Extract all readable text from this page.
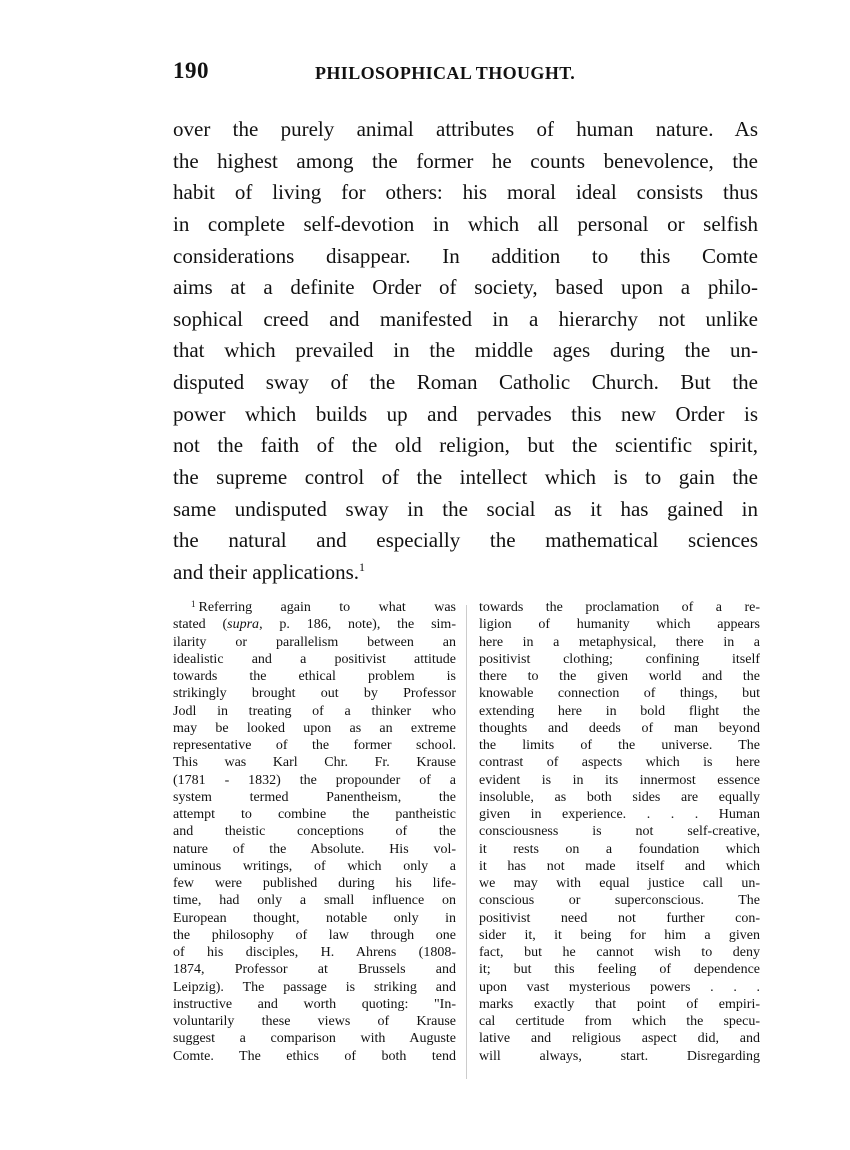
190	PHILOSOPHICAL THOUGHT.
over the purely animal attributes of human nature. As
the highest among the former he counts benevolence, the
habit of living for others: his moral ideal consists thus
in complete self-devotion in which all personal or selfish
considerations disappear. In addition to this Comte
aims at a definite Order of society, based upon a philo-
sophical creed and manifested in a hierarchy not unlike
that which prevailed in the middle ages during the un-
disputed sway of the Roman Catholic Church. But the
power which builds up and pervades this new Order is
not the faith of the old religion, but the scientific spirit,
the supreme control of the intellect which is to gain the
same undisputed sway in the social as it has gained in
the natural and especially the mathematical sciences
and their applications.$^1$
$^1$ Referring again to what was
stated (supra, p. 186, note), the sim-
ilarity or parallelism between an
idealistic and a positivist attitude
towards the ethical problem is
strikingly brought out by Professor
Jodl in treating of a thinker who
may be looked upon as an extreme
representative of the former school.
This was Karl Chr. Fr. Krause
(1781 - 1832) the propounder of a
system termed Panentheism, the
attempt to combine the pantheistic
and theistic conceptions of the
nature of the Absolute. His vol-
uminous writings, of which only a
few were published during his life-
time, had only a small influence on
European thought, notable only in
the philosophy of law through one
of his disciples, H. Ahrens (1808-
1874, Professor at Brussels and
Leipzig). The passage is striking and
instructive and worth quoting: "In-
voluntarily these views of Krause
suggest a comparison with Auguste
Comte. The ethics of both tend
towards the proclamation of a re-
ligion of humanity which appears
here in a metaphysical, there in a
positivist clothing; confining itself
there to the given world and the
knowable connection of things, but
extending here in bold flight the
thoughts and deeds of man beyond
the limits of the universe. The
contrast of aspects which is here
evident is in its innermost essence
insoluble, as both sides are equally
given in experience. . . . Human
consciousness is not self-creative,
it rests on a foundation which
it has not made itself and which
we may with equal justice call un-
conscious or superconscious. The
positivist need not further con-
sider it, it being for him a given
fact, but he cannot wish to deny
it; but this feeling of dependence
upon vast mysterious powers . . .
marks exactly that point of empiri-
cal certitude from which the specu-
lative and religious aspect did, and
will always, start. Disregarding
